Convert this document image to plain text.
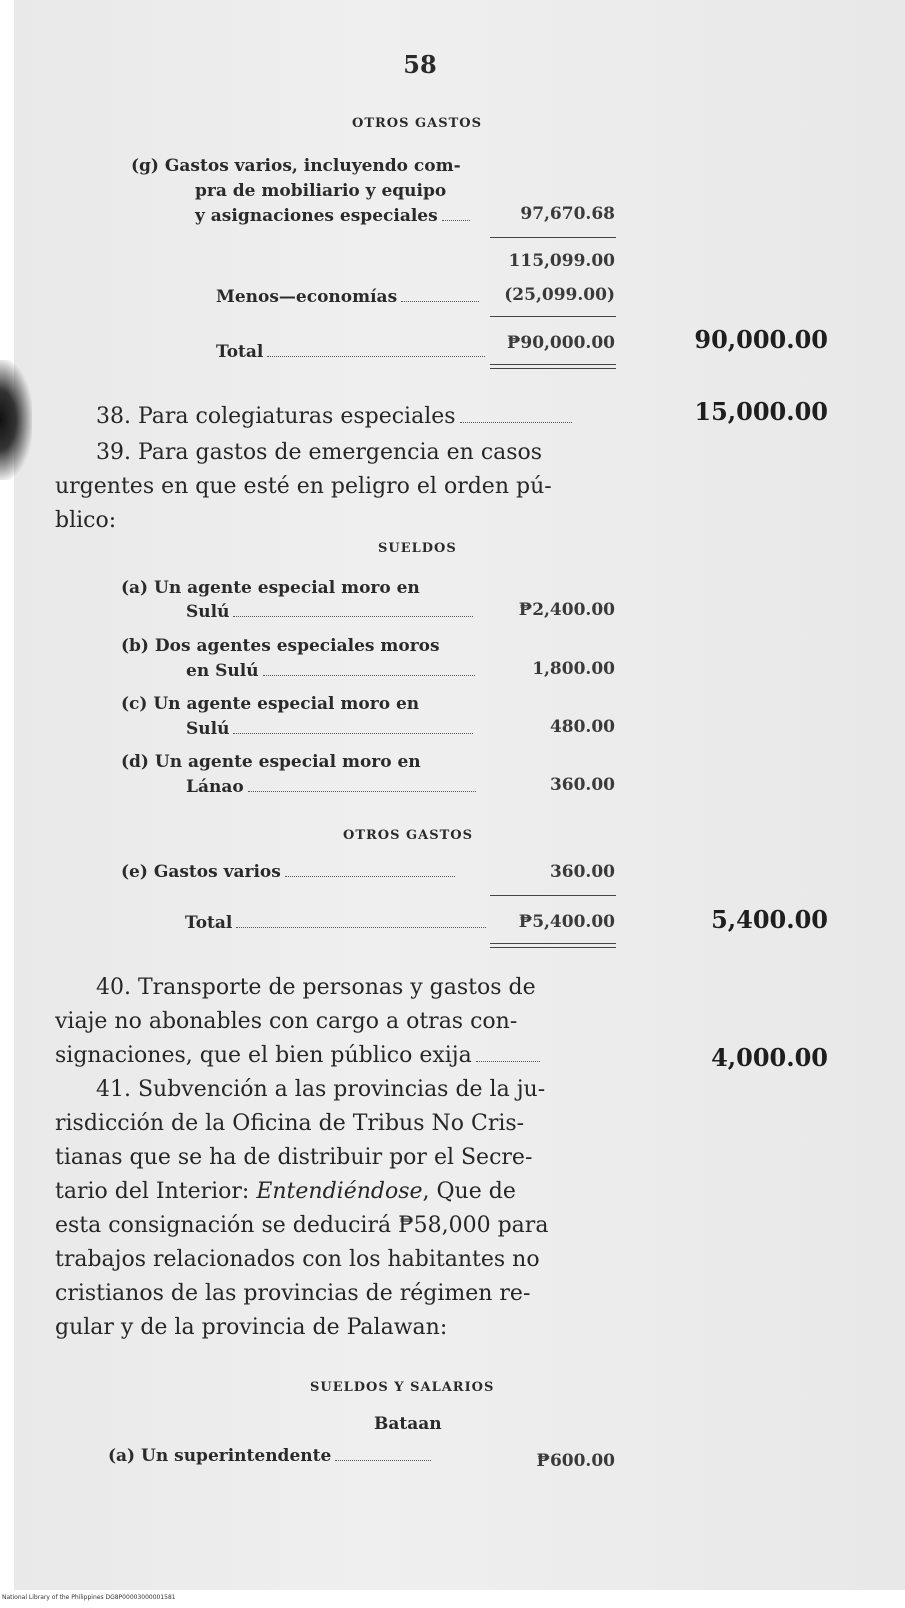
58
OTROS GASTOS
(g) Gastos varios, incluyendo com-
pra de mobiliario y equipo
y asignaciones especiales	97,670.68
115,099.00
Menos—economías	(25,099.00)
Total	₱90,000.00	90,000.00
38. Para colegiaturas especiales	15,000.00
39. Para gastos de emergencia en casos
urgentes en que esté en peligro el orden pú-
blico:
SUELDOS
(a) Un agente especial moro en
Sulú	₱2,400.00
(b) Dos agentes especiales moros
en Sulú	1,800.00
(c) Un agente especial moro en
Sulú	480.00
(d) Un agente especial moro en
Lánao	360.00
OTROS GASTOS
(e) Gastos varios	360.00
Total	₱5,400.00	5,400.00
40. Transporte de personas y gastos de
viaje no abonables con cargo a otras con-
signaciones, que el bien público exija	4,000.00
41. Subvención a las provincias de la ju-
risdicción de la Oficina de Tribus No Cris-
tianas que se ha de distribuir por el Secre-
tario del Interior: Entendiéndose, Que de
esta consignación se deducirá ₱58,000 para
trabajos relacionados con los habitantes no
cristianos de las provincias de régimen re-
gular y de la provincia de Palawan:
SUELDOS Y SALARIOS
Bataan
(a) Un superintendente	₱600.00
National Library of the Philippines DG8P00003000001581
